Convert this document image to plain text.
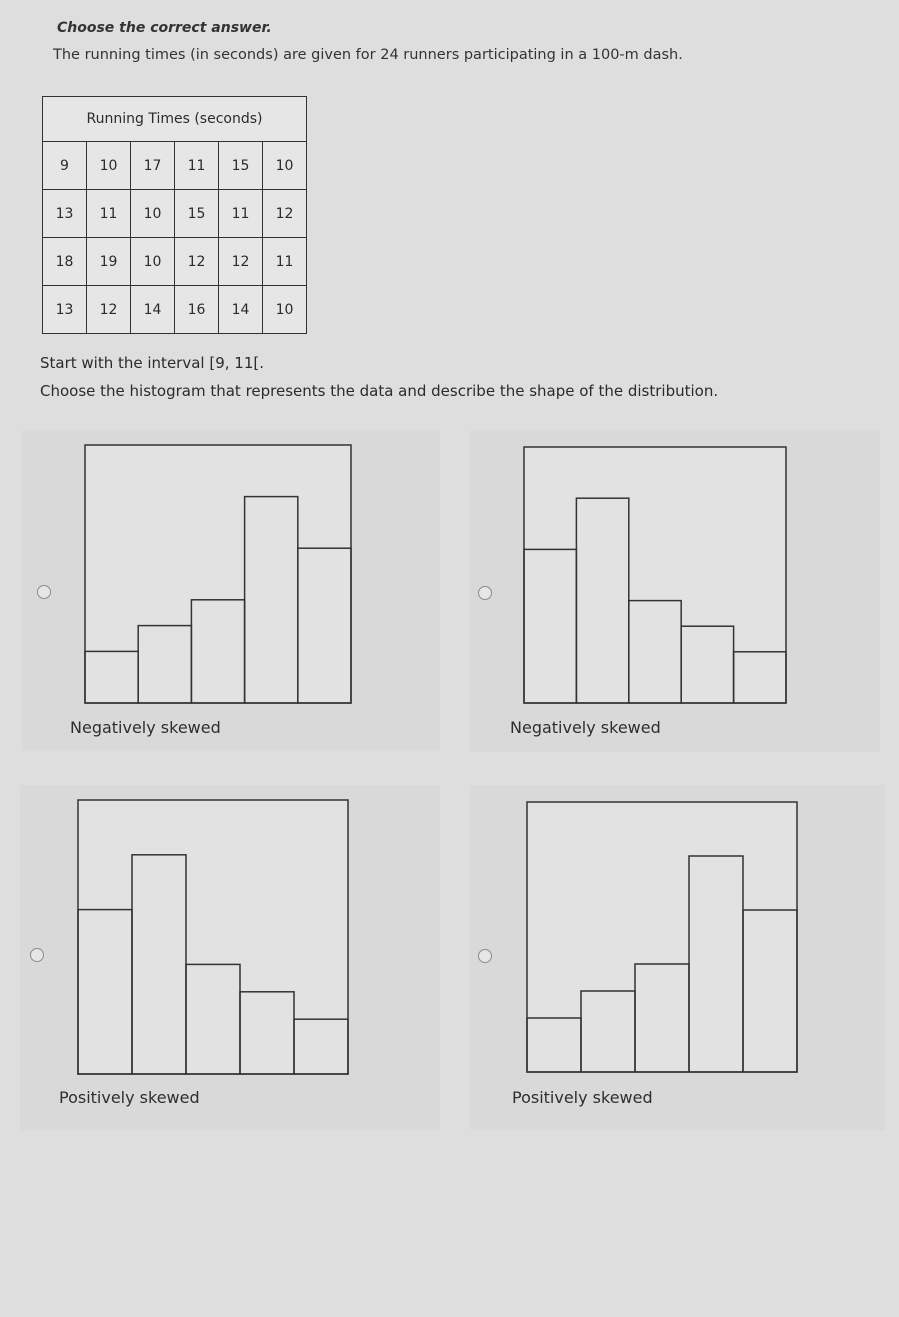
Choose the correct answer.
The running times (in seconds) are given for 24 runners participating in a 100-m dash.
Running Times (seconds)					
9	10	17	11	15	10
13	11	10	15	11	12
18	19	10	12	12	11
13	12	14	16	14	10
Start with the interval [9, 11[.
Choose the histogram that represents the data and describe the shape of the distribution.
Negatively skewed	Negatively skewed
Positively skewed	Positively skewed
